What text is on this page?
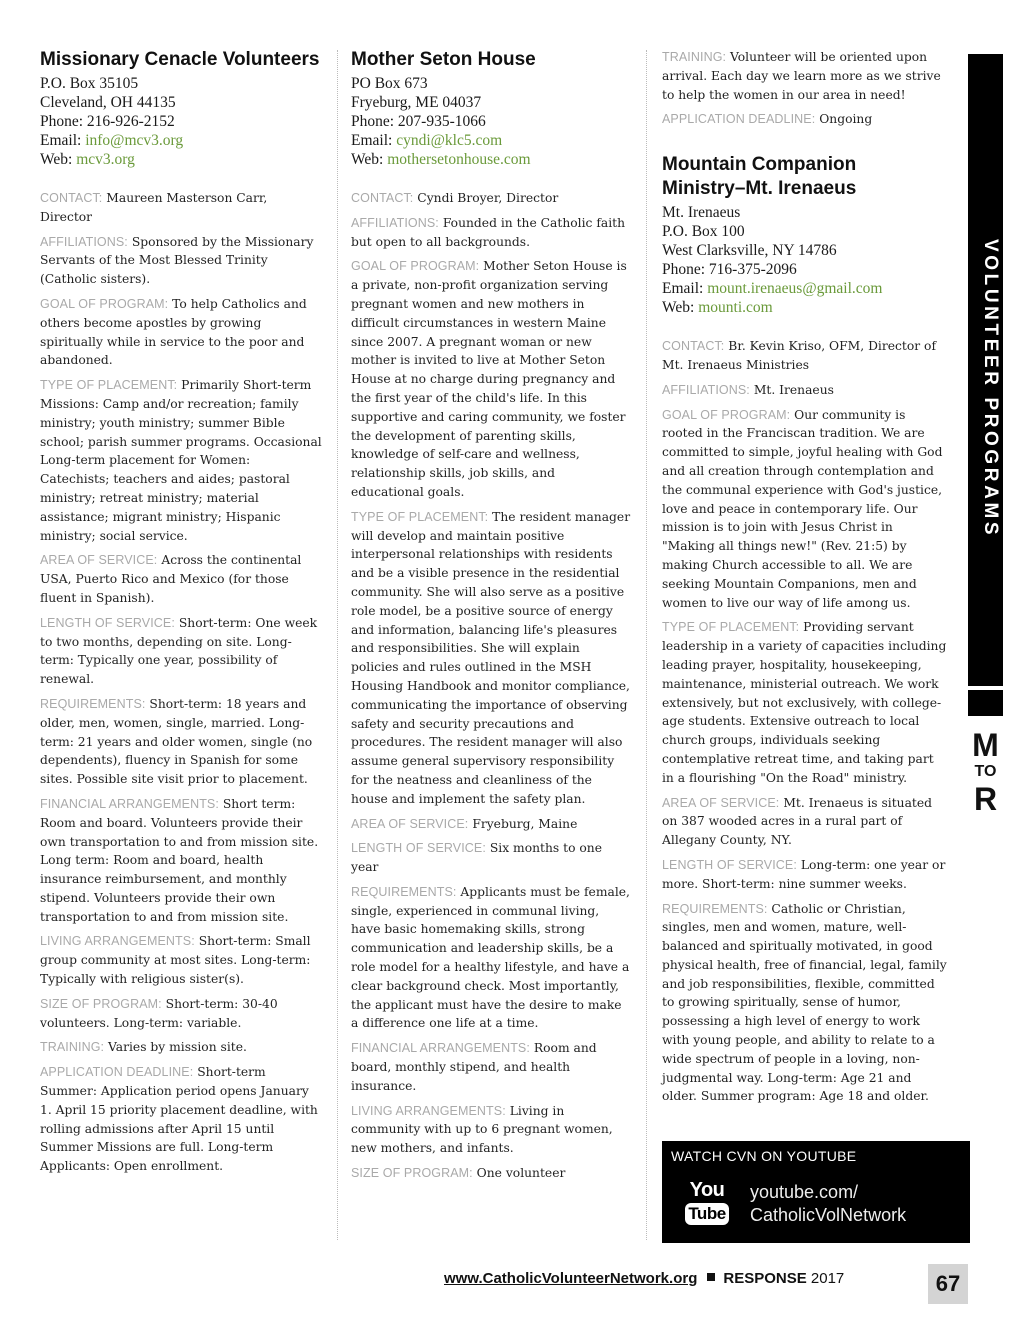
Missionary Cenacle Volunteers
P.O. Box 35105
Cleveland, OH 44135
Phone: 216-926-2152
Email: info@mcv3.org
Web: mcv3.org

CONTACT: Maureen Masterson Carr, Director

AFFILIATIONS: Sponsored by the Missionary Servants of the Most Blessed Trinity (Catholic sisters).

GOAL OF PROGRAM: To help Catholics and others become apostles by growing spiritually while in service to the poor and abandoned.

TYPE OF PLACEMENT: Primarily Short-term Missions: Camp and/or recreation; family ministry; youth ministry; summer Bible school; parish summer programs. Occasional Long-term placement for Women: Catechists; teachers and aides; pastoral ministry; retreat ministry; material assistance; migrant ministry; Hispanic ministry; social service.

AREA OF SERVICE: Across the continental USA, Puerto Rico and Mexico (for those fluent in Spanish).

LENGTH OF SERVICE: Short-term: One week to two months, depending on site. Long-term: Typically one year, possibility of renewal.

REQUIREMENTS: Short-term: 18 years and older, men, women, single, married. Long-term: 21 years and older women, single (no dependents), fluency in Spanish for some sites. Possible site visit prior to placement.

FINANCIAL ARRANGEMENTS: Short term: Room and board. Volunteers provide their own transportation to and from mission site. Long term: Room and board, health insurance reimbursement, and monthly stipend. Volunteers provide their own transportation to and from mission site.

LIVING ARRANGEMENTS: Short-term: Small group community at most sites. Long-term: Typically with religious sister(s).

SIZE OF PROGRAM: Short-term: 30-40 volunteers. Long-term: variable.

TRAINING: Varies by mission site.

APPLICATION DEADLINE: Short-term Summer: Application period opens January 1. April 15 priority placement deadline, with rolling admissions after April 15 until Summer Missions are full. Long-term Applicants: Open enrollment.

Mother Seton House
PO Box 673
Fryeburg, ME 04037
Phone: 207-935-1066
Email: cyndi@klc5.com
Web: mothersetonhouse.com

CONTACT: Cyndi Broyer, Director

AFFILIATIONS: Founded in the Catholic faith but open to all backgrounds.

GOAL OF PROGRAM: Mother Seton House is a private, non-profit organization serving pregnant women and new mothers in difficult circumstances in western Maine since 2007. A pregnant woman or new mother is invited to live at Mother Seton House at no charge during pregnancy and the first year of the child's life. In this supportive and caring community, we foster the development of parenting skills, knowledge of self-care and wellness, relationship skills, job skills, and educational goals.

TYPE OF PLACEMENT: The resident manager will develop and maintain positive interpersonal relationships with residents and be a visible presence in the residential community. She will also serve as a positive role model, be a positive source of energy and information, balancing life's pleasures and responsibilities. She will explain policies and rules outlined in the MSH Housing Handbook and monitor compliance, communicating the importance of observing safety and security precautions and procedures. The resident manager will also assume general supervisory responsibility for the neatness and cleanliness of the house and implement the safety plan.

AREA OF SERVICE: Fryeburg, Maine

LENGTH OF SERVICE: Six months to one year

REQUIREMENTS: Applicants must be female, single, experienced in communal living, have basic homemaking skills, strong communication and leadership skills, be a role model for a healthy lifestyle, and have a clear background check. Most importantly, the applicant must have the desire to make a difference one life at a time.

FINANCIAL ARRANGEMENTS: Room and board, monthly stipend, and health insurance.

LIVING ARRANGEMENTS: Living in community with up to 6 pregnant women, new mothers, and infants.

SIZE OF PROGRAM: One volunteer

TRAINING: Volunteer will be oriented upon arrival. Each day we learn more as we strive to help the women in our area in need!

APPLICATION DEADLINE: Ongoing

Mountain Companion
Ministry–Mt. Irenaeus
Mt. Irenaeus
P.O. Box 100
West Clarksville, NY 14786
Phone: 716-375-2096
Email: mount.irenaeus@gmail.com
Web: mounti.com

CONTACT: Br. Kevin Kriso, OFM, Director of Mt. Irenaeus Ministries

AFFILIATIONS: Mt. Irenaeus

GOAL OF PROGRAM: Our community is rooted in the Franciscan tradition. We are committed to simple, joyful healing with God and all creation through contemplation and the communal experience with God's justice, love and peace in contemporary life. Our mission is to join with Jesus Christ in "Making all things new!" (Rev. 21:5) by making Church accessible to all. We are seeking Mountain Companions, men and women to live our way of life among us.

TYPE OF PLACEMENT: Providing servant leadership in a variety of capacities including leading prayer, hospitality, housekeeping, maintenance, ministerial outreach. We work extensively, but not exclusively, with college-age students. Extensive outreach to local church groups, individuals seeking contemplative retreat time, and taking part in a flourishing "On the Road" ministry.

AREA OF SERVICE: Mt. Irenaeus is situated on 387 wooded acres in a rural part of Allegany County, NY.

LENGTH OF SERVICE: Long-term: one year or more. Short-term: nine summer weeks.

REQUIREMENTS: Catholic or Christian, singles, men and women, mature, well-balanced and spiritually motivated, in good physical health, free of financial, legal, family and job responsibilities, flexible, committed to growing spiritually, sense of humor, possessing a high level of energy to work with young people, and ability to relate to a wide spectrum of people in a loving, non-judgmental way. Long-term: Age 21 and older. Summer program: Age 18 and older.

VOLUNTEER PROGRAMS
M
TO
R
WATCH CVN ON YOUTUBE
You
Tube
youtube.com/
CatholicVolNetwork
www.CatholicVolunteerNetwork.org RESPONSE 2017	67
